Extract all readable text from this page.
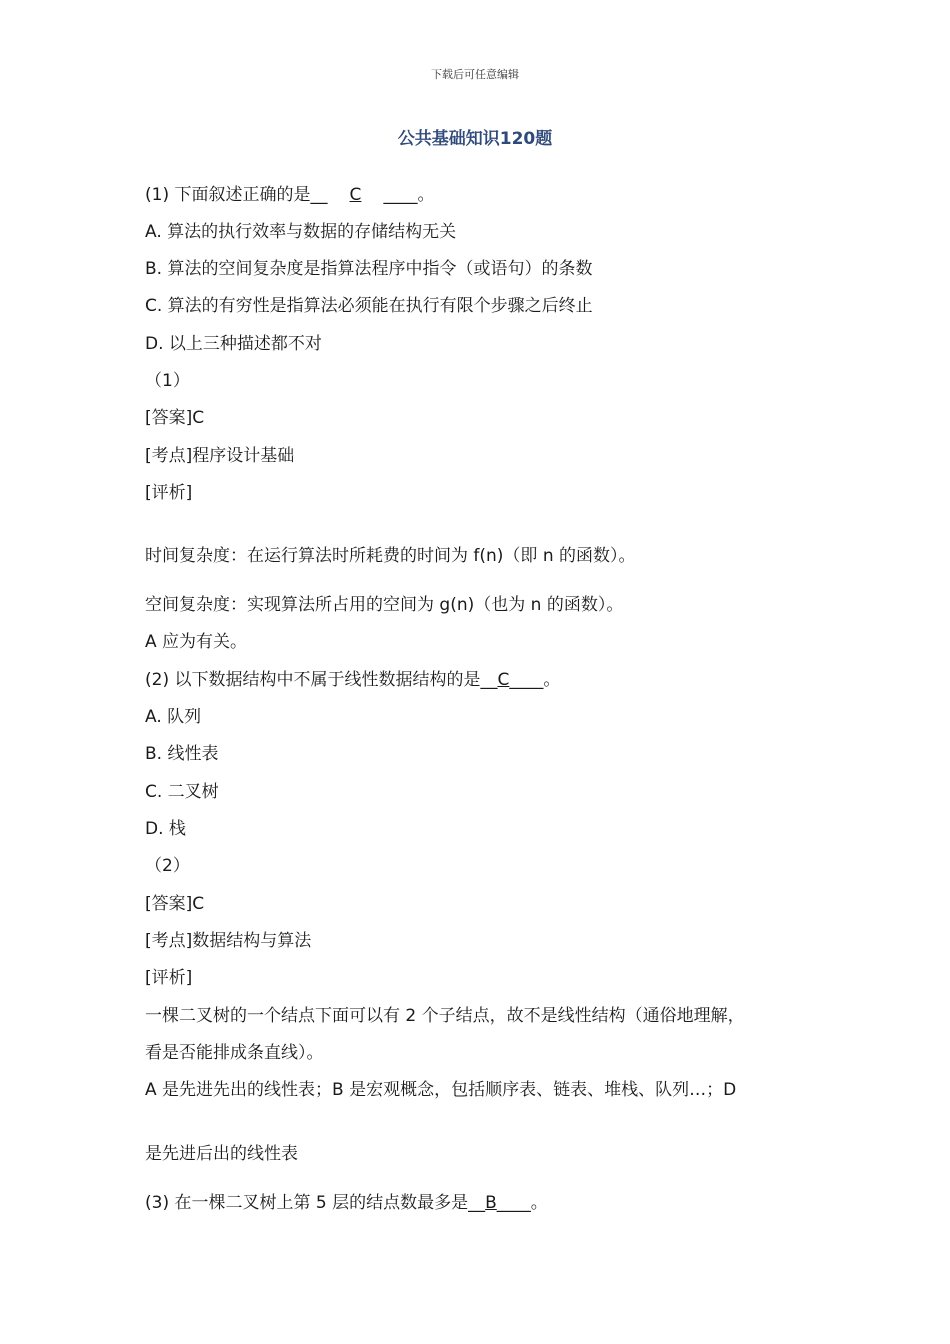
下载后可任意编辑
公共基础知识120题
(1) 下面叙述正确的是__ C ____。
A. 算法的执行效率与数据的存储结构无关
B. 算法的空间复杂度是指算法程序中指令（或语句）的条数
C. 算法的有穷性是指算法必须能在执行有限个步骤之后终止
D. 以上三种描述都不对
（1）
[答案]C
[考点]程序设计基础
[评析]
时间复杂度：在运行算法时所耗费的时间为 f(n)（即 n 的函数）。
空间复杂度：实现算法所占用的空间为 g(n)（也为 n 的函数）。
A 应为有关。
(2) 以下数据结构中不属于线性数据结构的是__C____。
A. 队列
B. 线性表
C. 二叉树
D. 栈
（2）
[答案]C
[考点]数据结构与算法
[评析]
一棵二叉树的一个结点下面可以有 2 个子结点，故不是线性结构（通俗地理解，
看是否能排成条直线）。
A 是先进先出的线性表；B 是宏观概念，包括顺序表、链表、堆栈、队列…；D
是先进后出的线性表
(3) 在一棵二叉树上第 5 层的结点数最多是__B____。
